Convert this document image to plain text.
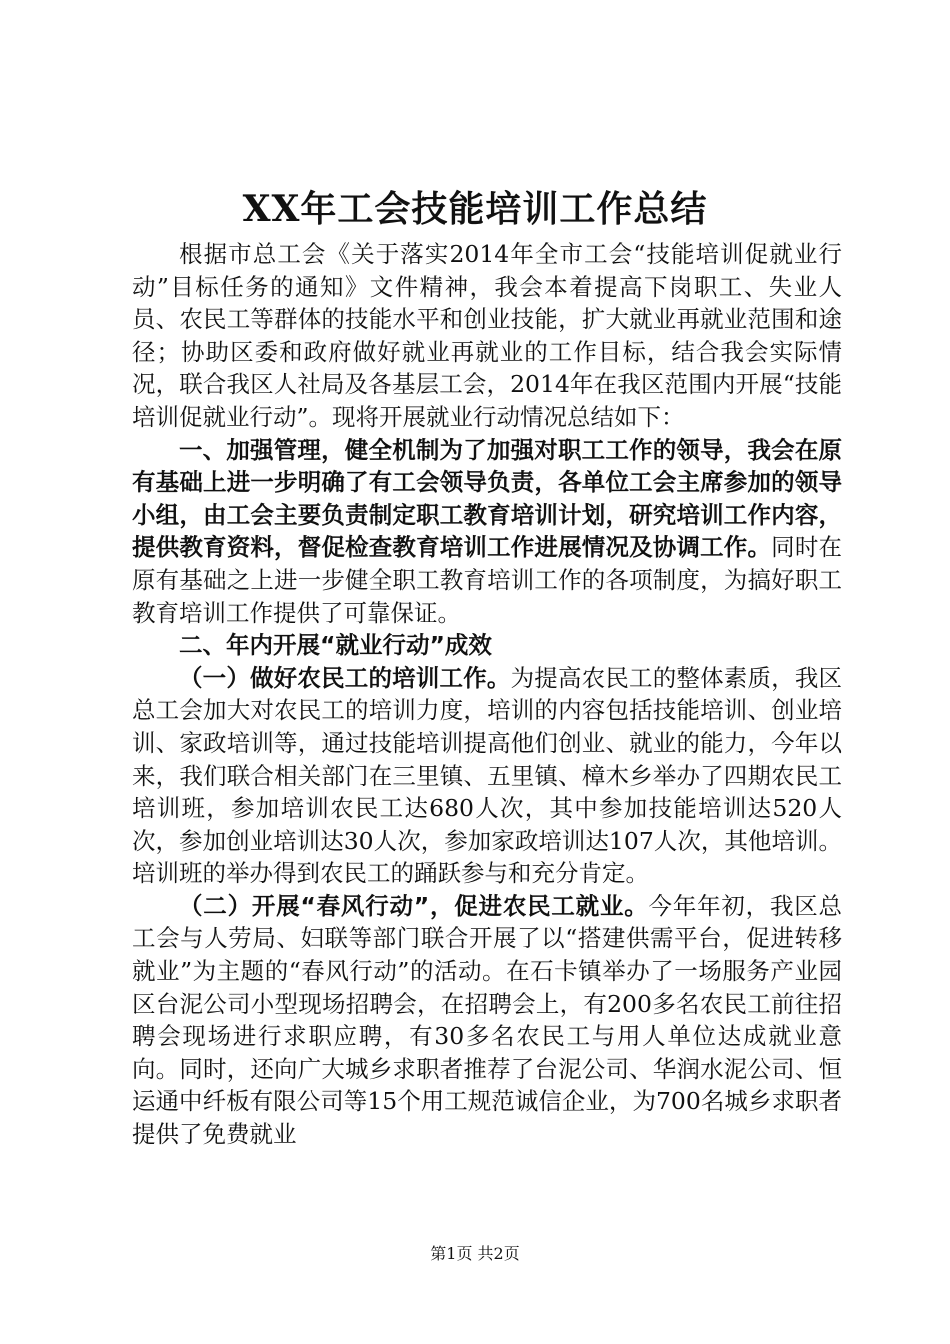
XX年工会技能培训工作总结

根据市总工会《关于落实2014年全市工会“技能培训促就业行动”目标任务的通知》文件精神，我会本着提高下岗职工、失业人员、农民工等群体的技能水平和创业技能，扩大就业再就业范围和途径；协助区委和政府做好就业再就业的工作目标，结合我会实际情况，联合我区人社局及各基层工会，2014年在我区范围内开展“技能培训促就业行动”。现将开展就业行动情况总结如下：

一、加强管理，健全机制为了加强对职工工作的领导，我会在原有基础上进一步明确了有工会领导负责，各单位工会主席参加的领导小组，由工会主要负责制定职工教育培训计划，研究培训工作内容，提供教育资料，督促检查教育培训工作进展情况及协调工作。同时在原有基础之上进一步健全职工教育培训工作的各项制度，为搞好职工教育培训工作提供了可靠保证。

二、年内开展“就业行动”成效

（一）做好农民工的培训工作。为提高农民工的整体素质，我区总工会加大对农民工的培训力度，培训的内容包括技能培训、创业培训、家政培训等，通过技能培训提高他们创业、就业的能力，今年以来，我们联合相关部门在三里镇、五里镇、樟木乡举办了四期农民工培训班，参加培训农民工达680人次，其中参加技能培训达520人次，参加创业培训达30人次，参加家政培训达107人次，其他培训。培训班的举办得到农民工的踊跃参与和充分肯定。

（二）开展“春风行动”，促进农民工就业。今年年初，我区总工会与人劳局、妇联等部门联合开展了以“搭建供需平台，促进转移就业”为主题的“春风行动”的活动。在石卡镇举办了一场服务产业园区台泥公司小型现场招聘会，在招聘会上，有200多名农民工前往招聘会现场进行求职应聘，有30多名农民工与用人单位达成就业意向。同时，还向广大城乡求职者推荐了台泥公司、华润水泥公司、恒运通中纤板有限公司等15个用工规范诚信企业，为700名城乡求职者提供了免费就业

第1页 共2页
